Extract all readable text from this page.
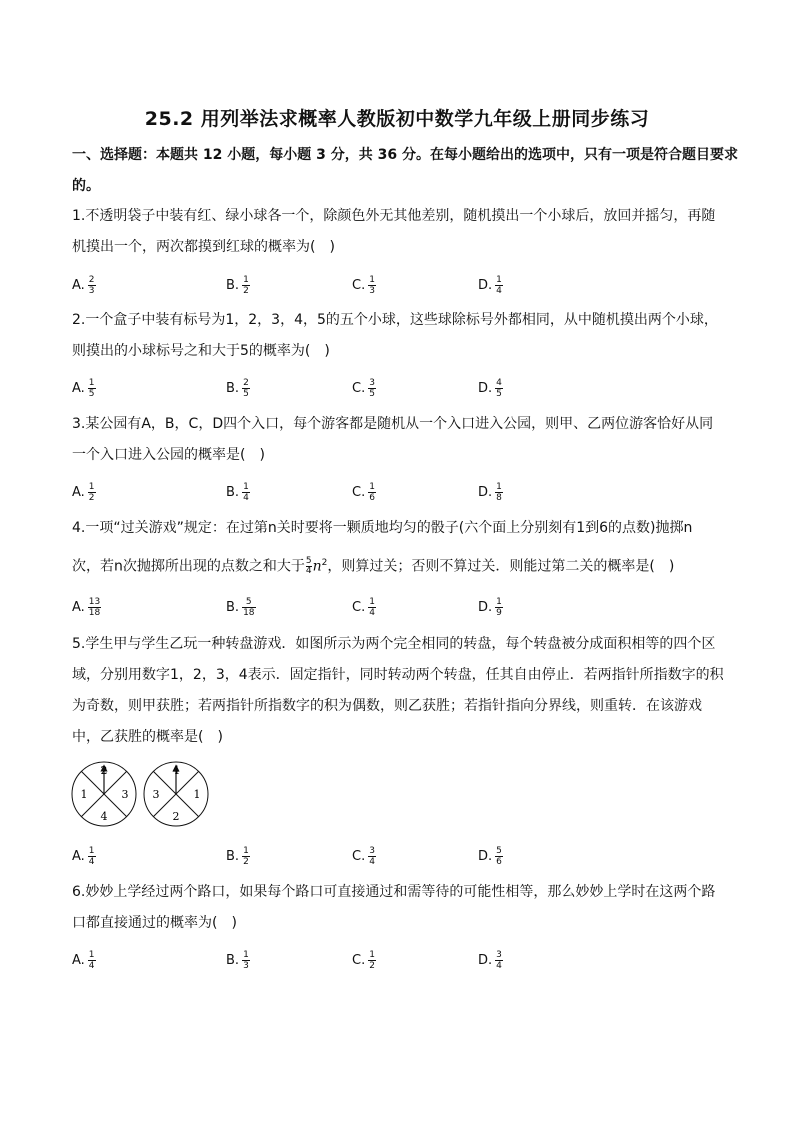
25.2 用列举法求概率人教版初中数学九年级上册同步练习
一、选择题：本题共 12 小题，每小题 3 分，共 36 分。在每小题给出的选项中，只有一项是符合题目要求
的。
1.不透明袋子中装有红、绿小球各一个，除颜色外无其他差别，随机摸出一个小球后，放回并摇匀，再随
机摸出一个，两次都摸到红球的概率为(　)
A. $\frac{2}{3}$	B. $\frac{1}{2}$	C. $\frac{1}{3}$	D. $\frac{1}{4}$
2.一个盒子中装有标号为1，2，3，4，5的五个小球，这些球除标号外都相同，从中随机摸出两个小球，
则摸出的小球标号之和大于5的概率为(　)
A. $\frac{1}{5}$	B. $\frac{2}{5}$	C. $\frac{3}{5}$	D. $\frac{4}{5}$
3.某公园有A，B，C，D四个入口，每个游客都是随机从一个入口进入公园，则甲、乙两位游客恰好从同
一个入口进入公园的概率是(　)
A. $\frac{1}{2}$	B. $\frac{1}{4}$	C. $\frac{1}{6}$	D. $\frac{1}{8}$
4.一项“过关游戏”规定：在过第n关时要将一颗质地均匀的骰子(六个面上分别刻有1到6的点数)抛掷n
次，若n次抛掷所出现的点数之和大于 $\frac{5}{4} n^2$，则算过关；否则不算过关．则能过第二关的概率是(　)
A. $\frac{13}{18}$	B. $\frac{5}{18}$	C. $\frac{1}{4}$	D. $\frac{1}{9}$
5.学生甲与学生乙玩一种转盘游戏．如图所示为两个完全相同的转盘，每个转盘被分成面积相等的四个区
域，分别用数字1，2，3，4表示．固定指针，同时转动两个转盘，任其自由停止．若两指针所指数字的积
为奇数，则甲获胜；若两指针所指数字的积为偶数，则乙获胜；若指针指向分界线，则重转．在该游戏
中，乙获胜的概率是(　)
2
3
4
1
4
1
2
3
A. $\frac{1}{4}$	B. $\frac{1}{2}$	C. $\frac{3}{4}$	D. $\frac{5}{6}$
6.妙妙上学经过两个路口，如果每个路口可直接通过和需等待的可能性相等，那么妙妙上学时在这两个路
口都直接通过的概率为(　)
A. $\frac{1}{4}$	B. $\frac{1}{3}$	C. $\frac{1}{2}$	D. $\frac{3}{4}$
